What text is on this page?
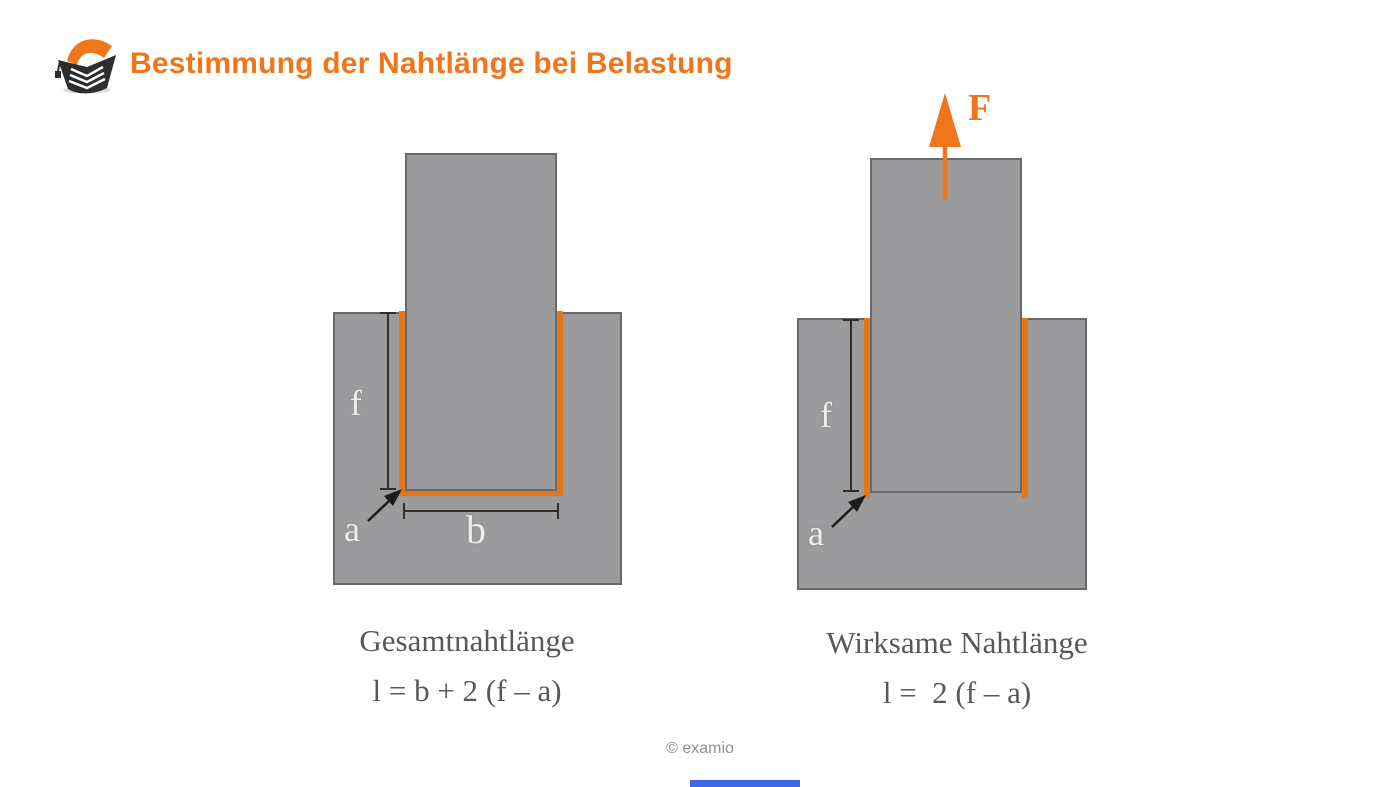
Bestimmung der Nahtlänge bei Belastung
f
a	b
f
a
F
Gesamtnahtlänge
l = b + 2 (f – a)
Wirksame Nahtlänge
l =  2 (f – a)
© examio
